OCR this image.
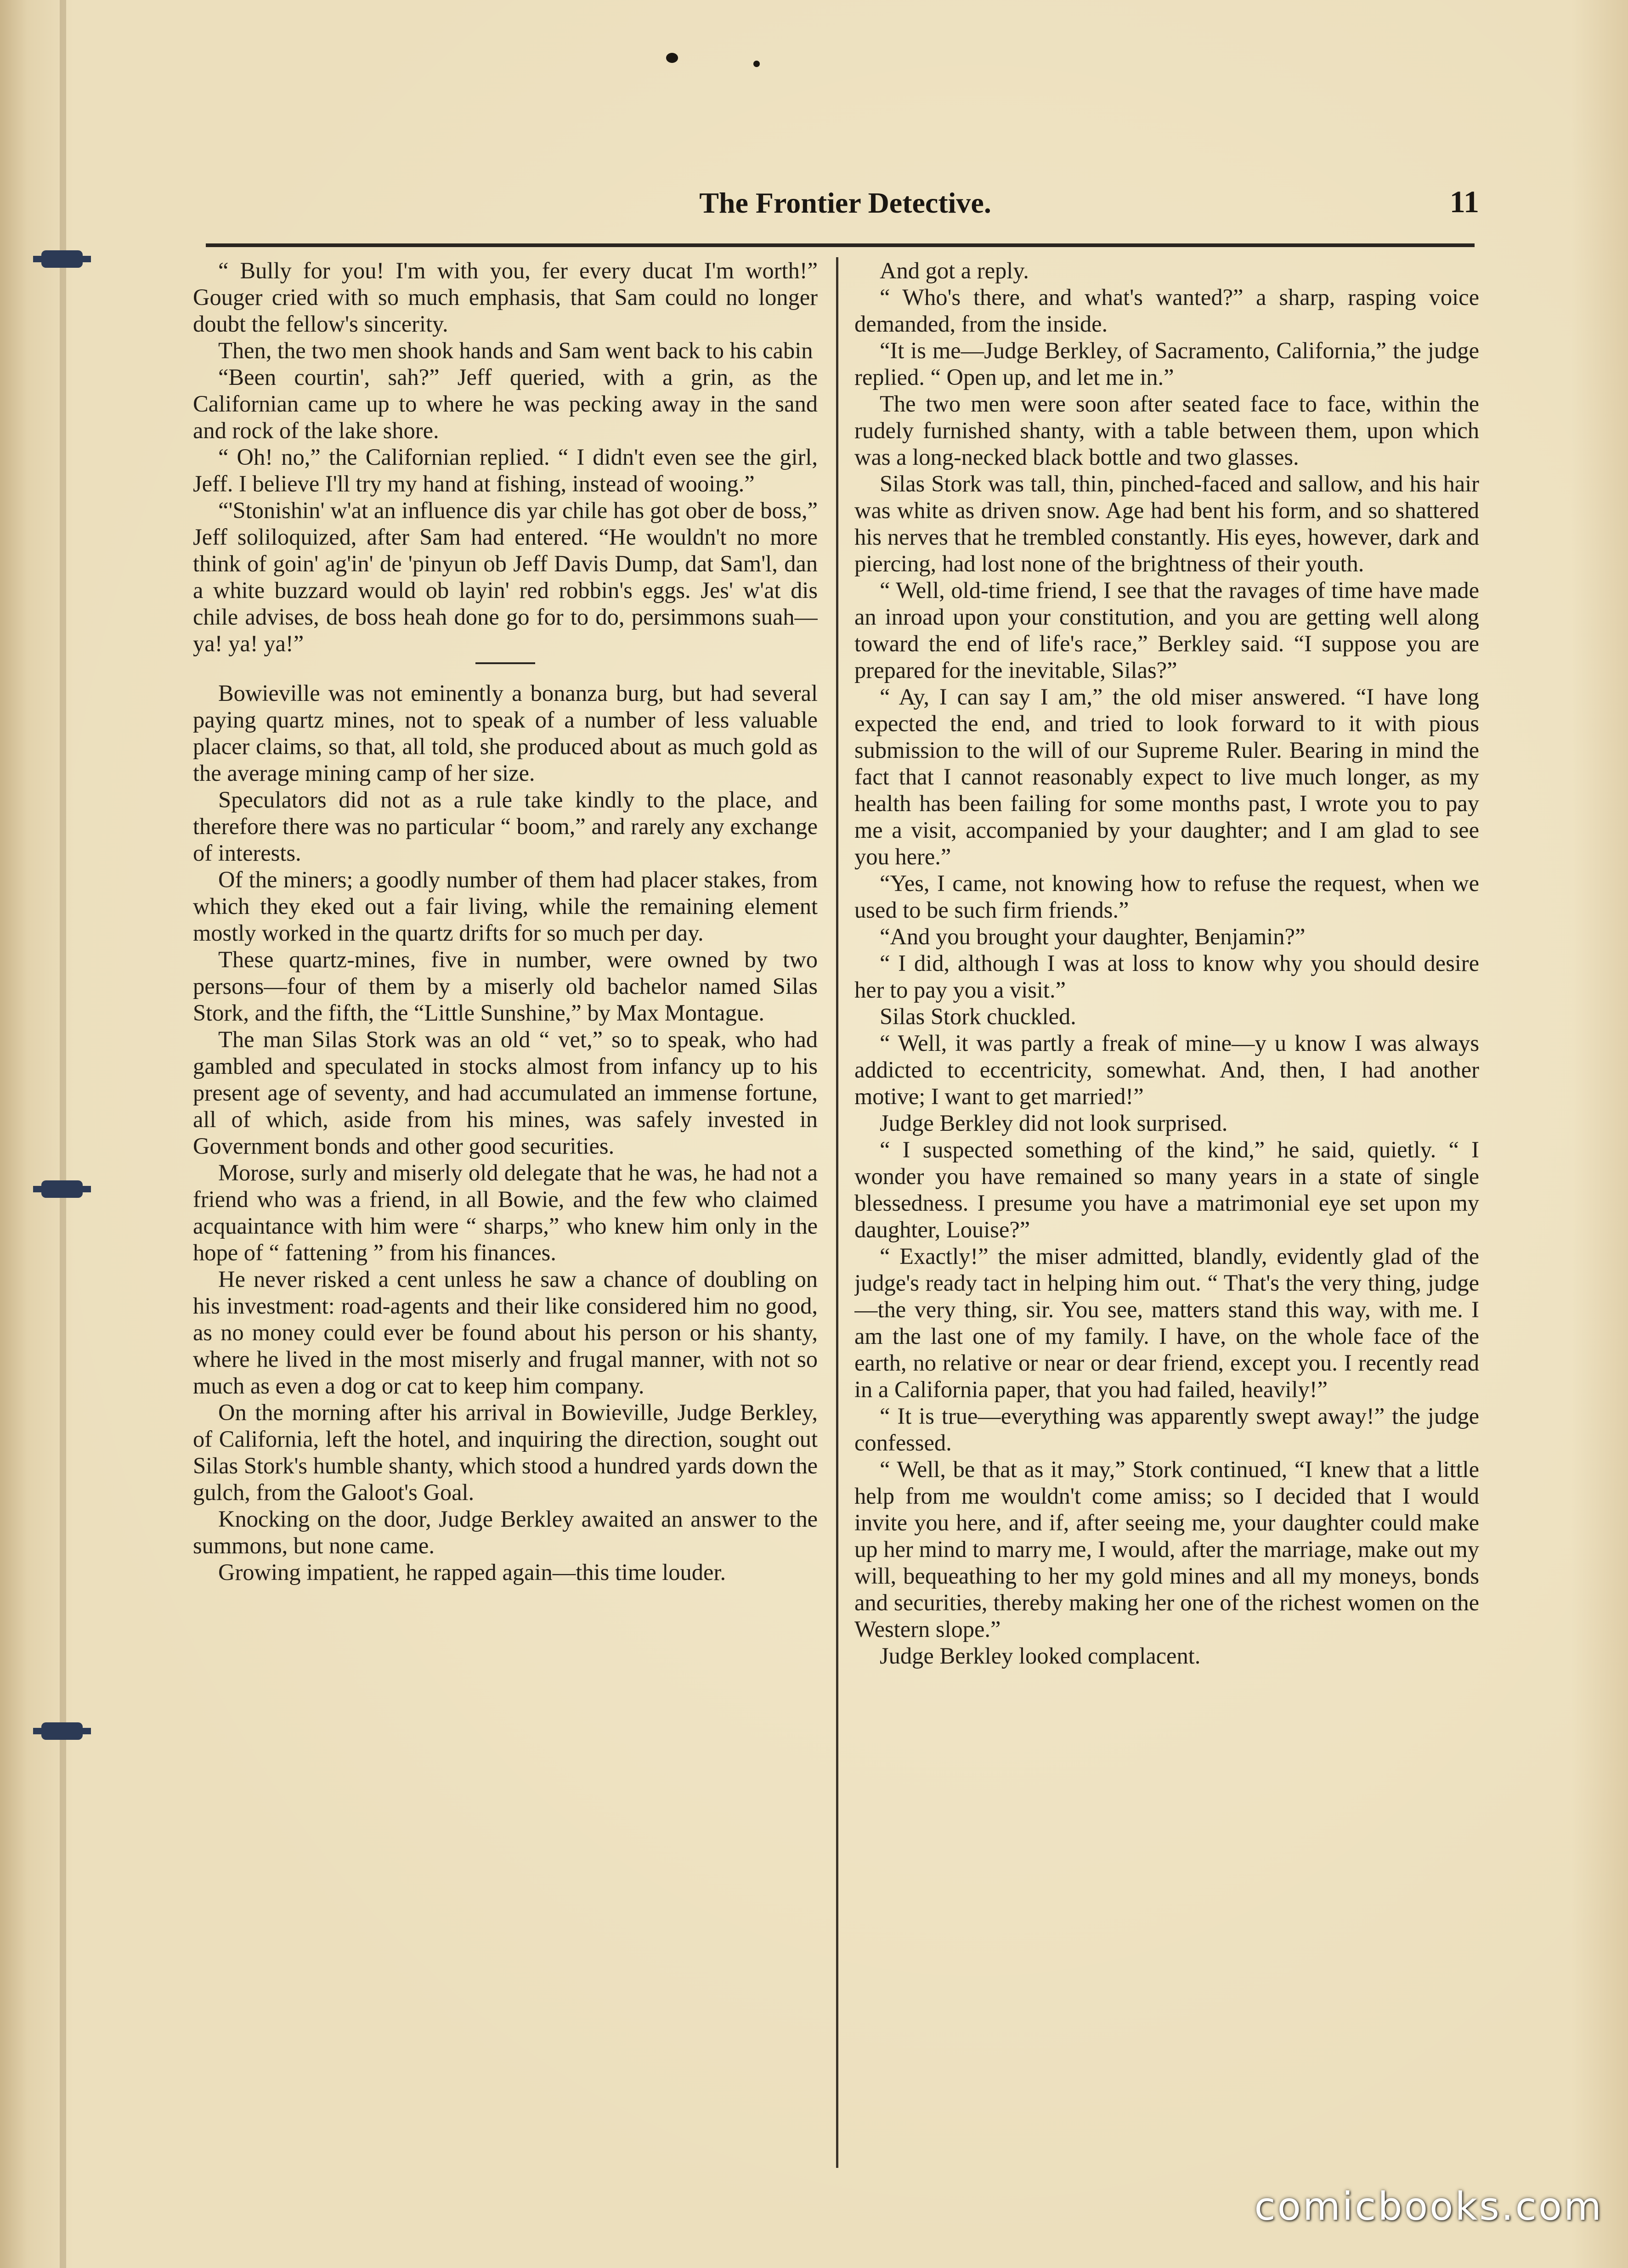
The Frontier Detective.	11

“ Bully for you! I'm with you, fer every ducat I'm worth!” Gouger cried with so much emphasis, that Sam could no longer doubt the fellow's sincerity.

Then, the two men shook hands and Sam went back to his cabin

“Been courtin', sah?” Jeff queried, with a grin, as the Californian came up to where he was pecking away in the sand and rock of the lake shore.

“ Oh! no,” the Californian replied. “ I didn't even see the girl, Jeff. I believe I'll try my hand at fishing, instead of wooing.”

“'Stonishin' w'at an influence dis yar chile has got ober de boss,” Jeff soliloquized, after Sam had entered. “He wouldn't no more think of goin' ag'in' de 'pinyun ob Jeff Davis Dump, dat Sam'l, dan a white buzzard would ob layin' red robbin's eggs. Jes' w'at dis chile advises, de boss heah done go for to do, persimmons suah—ya! ya! ya!”

Bowieville was not eminently a bonanza burg, but had several paying quartz mines, not to speak of a number of less valuable placer claims, so that, all told, she produced about as much gold as the average mining camp of her size.

Speculators did not as a rule take kindly to the place, and therefore there was no particular “ boom,” and rarely any exchange of interests.

Of the miners; a goodly number of them had placer stakes, from which they eked out a fair living, while the remaining element mostly worked in the quartz drifts for so much per day.

These quartz-mines, five in number, were owned by two persons—four of them by a miserly old bachelor named Silas Stork, and the fifth, the “Little Sunshine,” by Max Montague.

The man Silas Stork was an old “ vet,” so to speak, who had gambled and speculated in stocks almost from infancy up to his present age of seventy, and had accumulated an immense fortune, all of which, aside from his mines, was safely invested in Government bonds and other good securities.

Morose, surly and miserly old delegate that he was, he had not a friend who was a friend, in all Bowie, and the few who claimed acquaintance with him were “ sharps,” who knew him only in the hope of “ fattening ” from his finances.

He never risked a cent unless he saw a chance of doubling on his investment: road-agents and their like considered him no good, as no money could ever be found about his person or his shanty, where he lived in the most miserly and frugal manner, with not so much as even a dog or cat to keep him company.

On the morning after his arrival in Bowieville, Judge Berkley, of California, left the hotel, and inquiring the direction, sought out Silas Stork's humble shanty, which stood a hundred yards down the gulch, from the Galoot's Goal.

Knocking on the door, Judge Berkley awaited an answer to the summons, but none came.

Growing impatient, he rapped again—this time louder.

And got a reply.

“ Who's there, and what's wanted?” a sharp, rasping voice demanded, from the inside.

“It is me—Judge Berkley, of Sacramento, California,” the judge replied. “ Open up, and let me in.”

The two men were soon after seated face to face, within the rudely furnished shanty, with a table between them, upon which was a long-necked black bottle and two glasses.

Silas Stork was tall, thin, pinched-faced and sallow, and his hair was white as driven snow. Age had bent his form, and so shattered his nerves that he trembled constantly. His eyes, however, dark and piercing, had lost none of the brightness of their youth.

“ Well, old-time friend, I see that the ravages of time have made an inroad upon your constitution, and you are getting well along toward the end of life's race,” Berkley said. “I suppose you are prepared for the inevitable, Silas?”

“ Ay, I can say I am,” the old miser answered. “I have long expected the end, and tried to look forward to it with pious submission to the will of our Supreme Ruler. Bearing in mind the fact that I cannot reasonably expect to live much longer, as my health has been failing for some months past, I wrote you to pay me a visit, accompanied by your daughter; and I am glad to see you here.”

“Yes, I came, not knowing how to refuse the request, when we used to be such firm friends.”

“And you brought your daughter, Benjamin?”

“ I did, although I was at loss to know why you should desire her to pay you a visit.”

Silas Stork chuckled.

“ Well, it was partly a freak of mine—y u know I was always addicted to eccentricity, somewhat. And, then, I had another motive; I want to get married!”

Judge Berkley did not look surprised.

“ I suspected something of the kind,” he said, quietly. “ I wonder you have remained so many years in a state of single blessedness. I presume you have a matrimonial eye set upon my daughter, Louise?”

“ Exactly!” the miser admitted, blandly, evidently glad of the judge's ready tact in helping him out. “ That's the very thing, judge—the very thing, sir. You see, matters stand this way, with me. I am the last one of my family. I have, on the whole face of the earth, no relative or near or dear friend, except you. I recently read in a California paper, that you had failed, heavily!”

“ It is true—everything was apparently swept away!” the judge confessed.

“ Well, be that as it may,” Stork continued, “I knew that a little help from me wouldn't come amiss; so I decided that I would invite you here, and if, after seeing me, your daughter could make up her mind to marry me, I would, after the marriage, make out my will, bequeathing to her my gold mines and all my moneys, bonds and securities, thereby making her one of the richest women on the Western slope.”

Judge Berkley looked complacent.

comicbooks.com
